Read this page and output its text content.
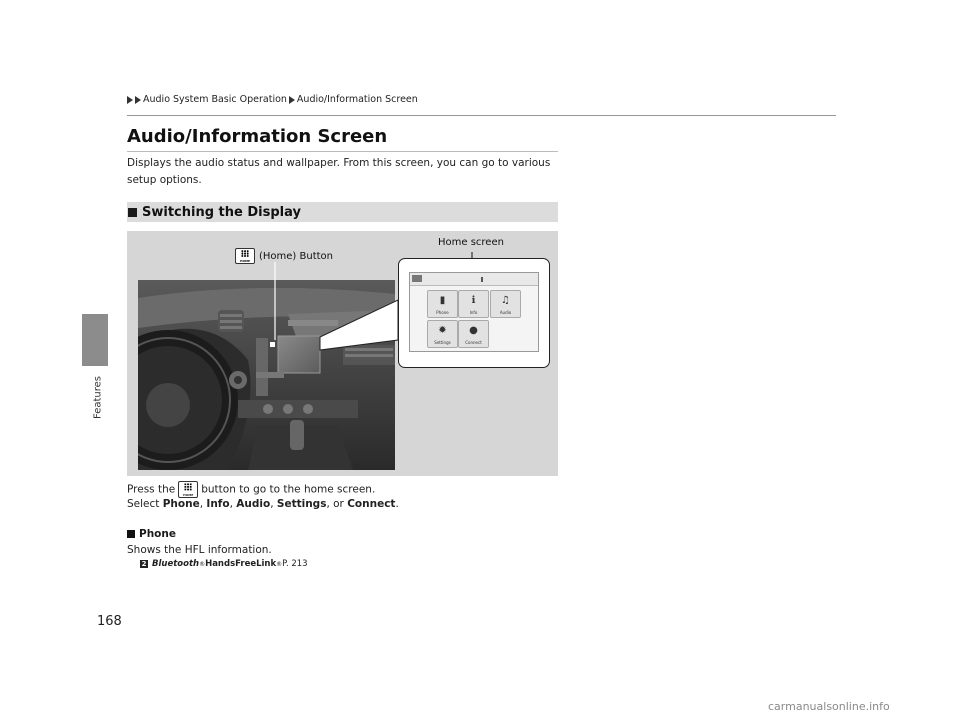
Features
Audio System Basic Operation Audio/Information Screen
Audio/Information Screen
Displays the audio status and wallpaper. From this screen, you can go to various setup options.
Switching the Display
HOME (Home) Button
Home screen
▮
Phone
ℹ
Info
♫
Audio
✹
Settings
●
Connect
Press the	HOME button to go to the home screen.
Select Phone, Info, Audio, Settings, or Connect.
Phone
Shows the HFL information.
2 Bluetooth ® HandsFreeLink ® P. 213
168
carmanualsonline.info
